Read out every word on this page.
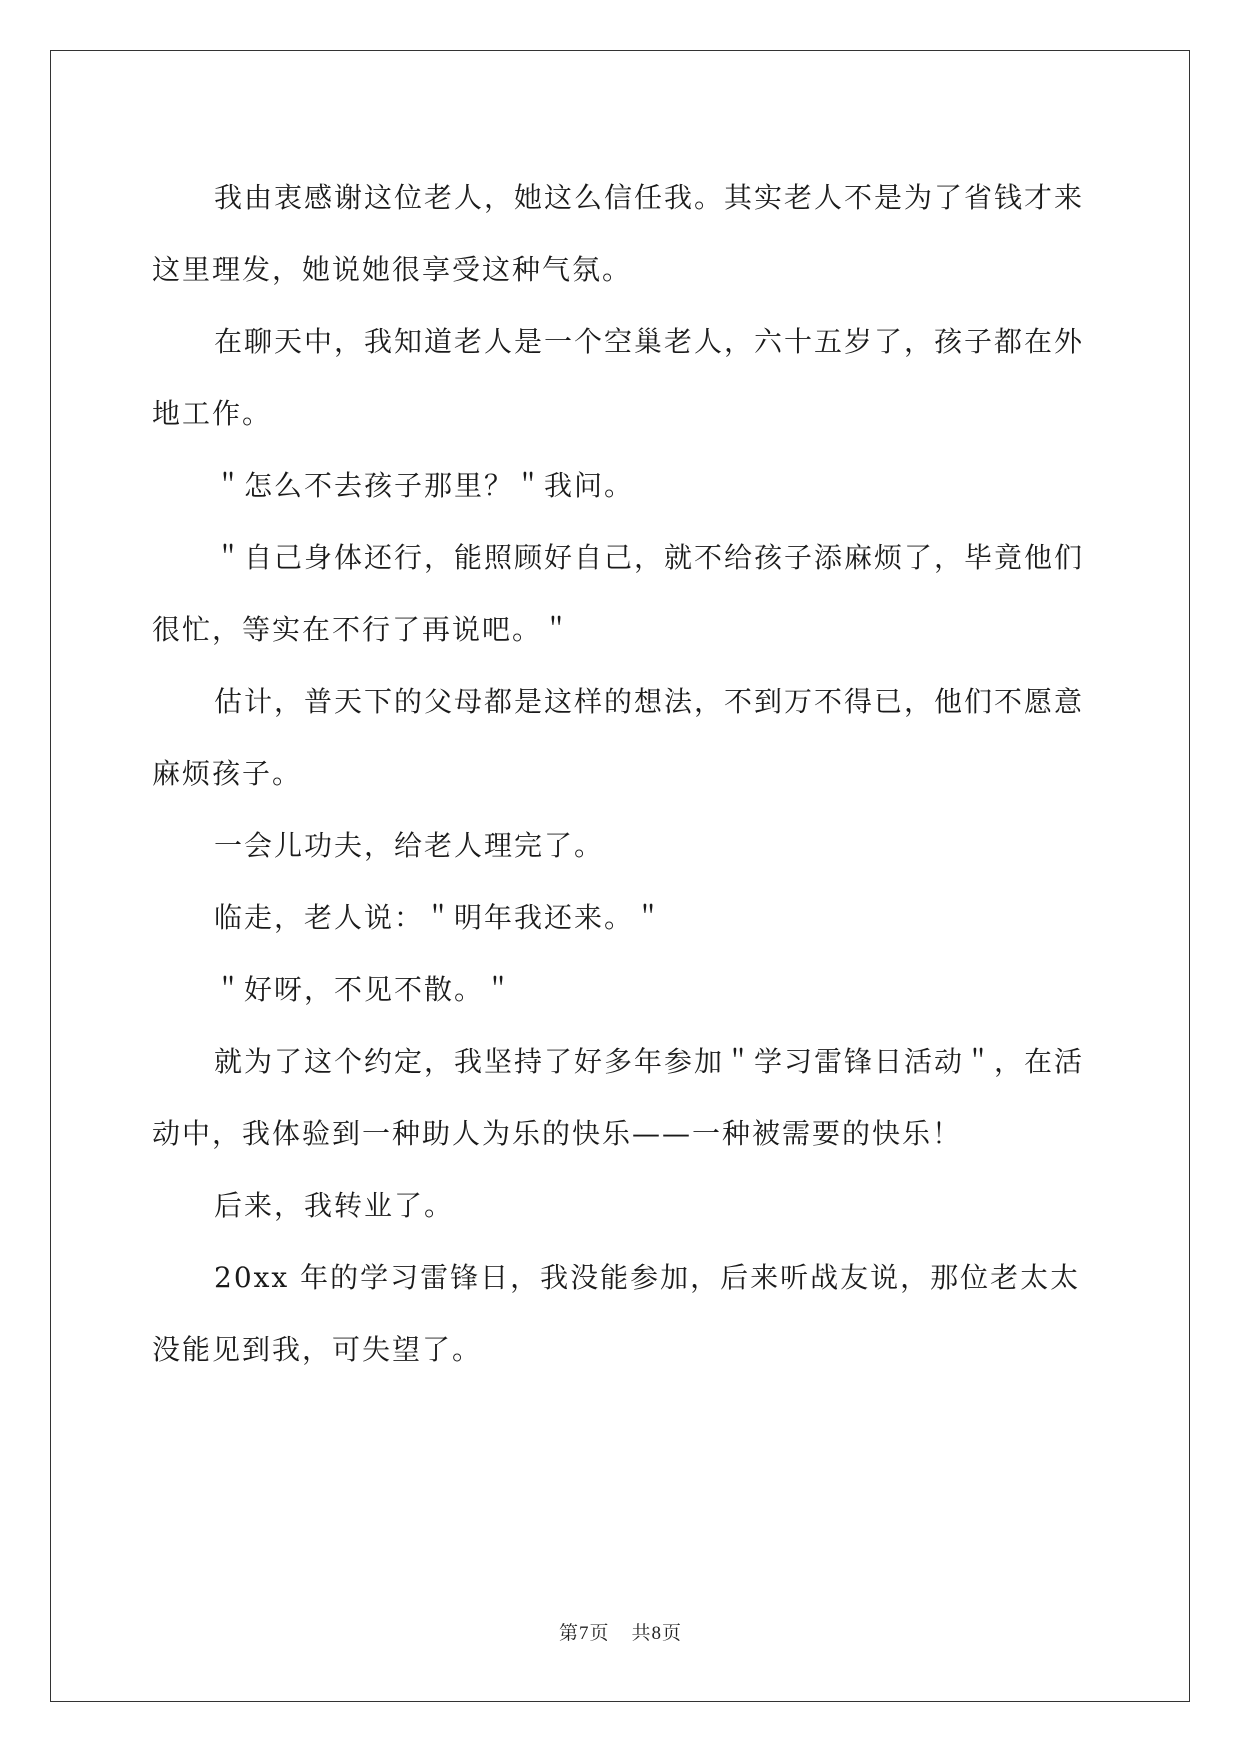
我由衷感谢这位老人，她这么信任我。其实老人不是为了省钱才来这里理发，她说她很享受这种气氛。

在聊天中，我知道老人是一个空巢老人，六十五岁了，孩子都在外地工作。

＂怎么不去孩子那里？＂我问。

＂自己身体还行，能照顾好自己，就不给孩子添麻烦了，毕竟他们很忙，等实在不行了再说吧。＂

估计，普天下的父母都是这样的想法，不到万不得已，他们不愿意麻烦孩子。

一会儿功夫，给老人理完了。

临走，老人说：＂明年我还来。＂

＂好呀，不见不散。＂

就为了这个约定，我坚持了好多年参加＂学习雷锋日活动＂，在活动中，我体验到一种助人为乐的快乐——一种被需要的快乐！

后来，我转业了。

20xx 年的学习雷锋日，我没能参加，后来听战友说，那位老太太没能见到我，可失望了。

第7页 共8页
